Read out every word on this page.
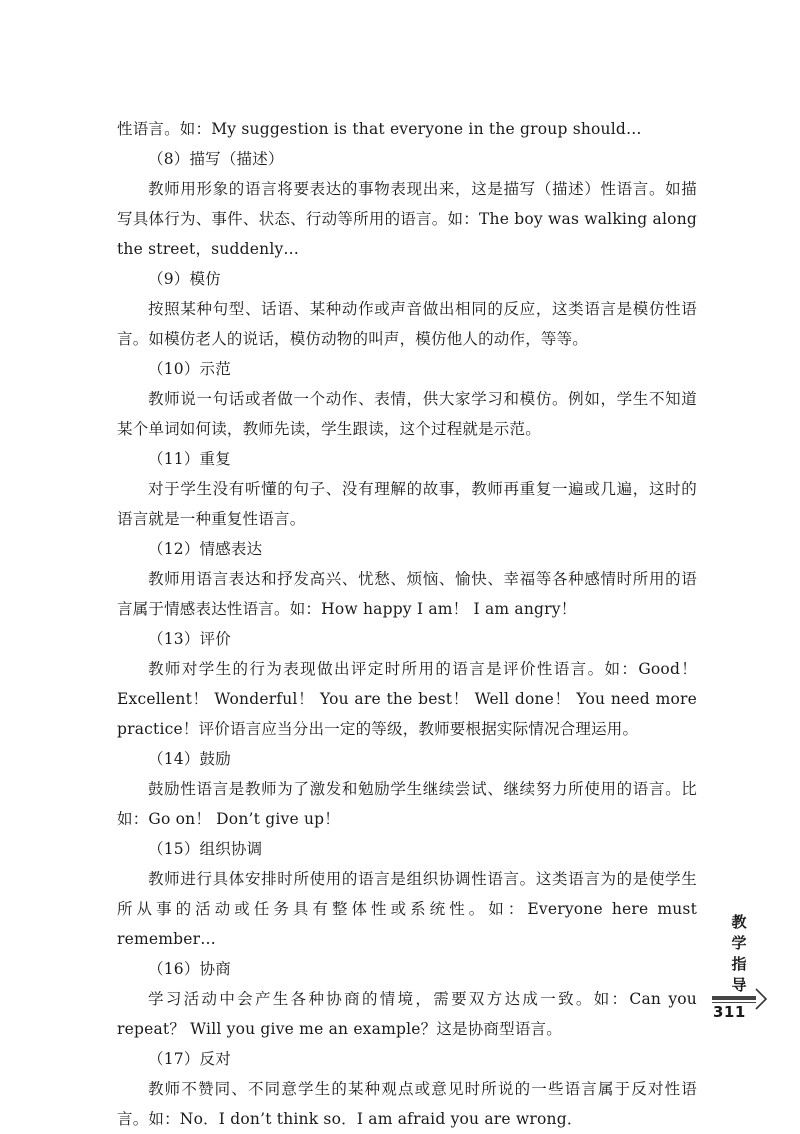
性语言。如：My suggestion is that everyone in the group should…

（8）描写（描述）

教师用形象的语言将要表达的事物表现出来，这是描写（描述）性语言。如描写具体行为、事件、状态、行动等所用的语言。如：The boy was walking along the street，suddenly…

（9）模仿

按照某种句型、话语、某种动作或声音做出相同的反应，这类语言是模仿性语言。如模仿老人的说话，模仿动物的叫声，模仿他人的动作，等等。

（10）示范

教师说一句话或者做一个动作、表情，供大家学习和模仿。例如，学生不知道某个单词如何读，教师先读，学生跟读，这个过程就是示范。

（11）重复

对于学生没有听懂的句子、没有理解的故事，教师再重复一遍或几遍，这时的语言就是一种重复性语言。

（12）情感表达

教师用语言表达和抒发高兴、忧愁、烦恼、愉快、幸福等各种感情时所用的语言属于情感表达性语言。如：How happy I am！ I am angry！

（13）评价

教师对学生的行为表现做出评定时所用的语言是评价性语言。如：Good！ Excellent！ Wonderful！ You are the best！ Well done！ You need more practice！评价语言应当分出一定的等级，教师要根据实际情况合理运用。

（14）鼓励

鼓励性语言是教师为了激发和勉励学生继续尝试、继续努力所使用的语言。比如：Go on！ Don’t give up！

（15）组织协调

教师进行具体安排时所使用的语言是组织协调性语言。这类语言为的是使学生所从事的活动或任务具有整体性或系统性。如：Everyone here must remember…

（16）协商

学习活动中会产生各种协商的情境，需要双方达成一致。如：Can you repeat？ Will you give me an example？这是协商型语言。

（17）反对

教师不赞同、不同意学生的某种观点或意见时所说的一些语言属于反对性语言。如：No．I don’t think so．I am afraid you are wrong．

教
学
指
导
311
